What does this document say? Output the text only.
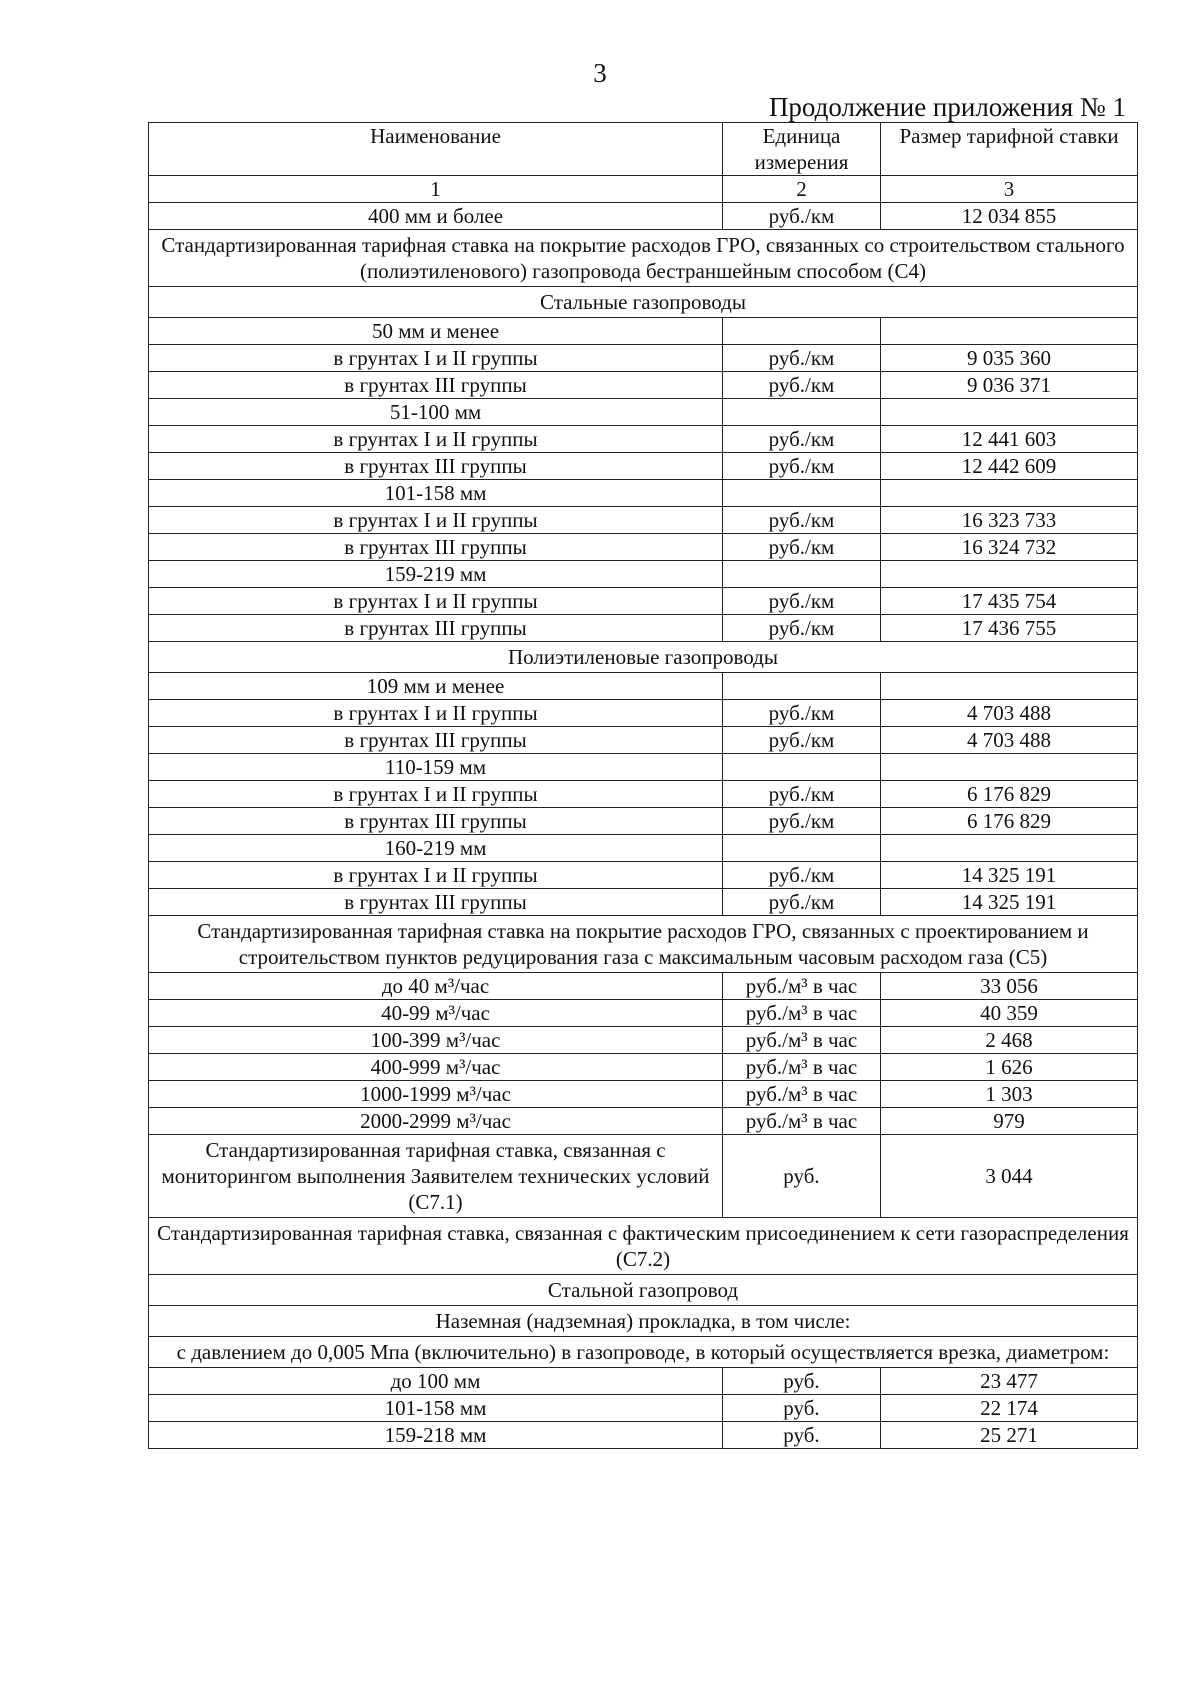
3
Продолжение приложения № 1
Наименование	Единица измерения	Размер тарифной ставки
1	2	3
400 мм и более	руб./км	12 034 855
Стандартизированная тарифная ставка на покрытие расходов ГРО, связанных со строительством стального (полиэтиленового) газопровода бестраншейным способом (С4)		
Стальные газопроводы		
50 мм и менее		
в грунтах I и II группы	руб./км	9 035 360
в грунтах III группы	руб./км	9 036 371
51-100 мм		
в грунтах I и II группы	руб./км	12 441 603
в грунтах III группы	руб./км	12 442 609
101-158 мм		
в грунтах I и II группы	руб./км	16 323 733
в грунтах III группы	руб./км	16 324 732
159-219 мм		
в грунтах I и II группы	руб./км	17 435 754
в грунтах III группы	руб./км	17 436 755
Полиэтиленовые газопроводы		
109 мм и менее		
в грунтах I и II группы	руб./км	4 703 488
в грунтах III группы	руб./км	4 703 488
110-159 мм		
в грунтах I и II группы	руб./км	6 176 829
в грунтах III группы	руб./км	6 176 829
160-219 мм		
в грунтах I и II группы	руб./км	14 325 191
в грунтах III группы	руб./км	14 325 191
Стандартизированная тарифная ставка на покрытие расходов ГРО, связанных с проектированием и строительством пунктов редуцирования газа с максимальным часовым расходом газа (С5)		
до 40 м³/час	руб./м³ в час	33 056
40-99 м³/час	руб./м³ в час	40 359
100-399 м³/час	руб./м³ в час	2 468
400-999 м³/час	руб./м³ в час	1 626
1000-1999 м³/час	руб./м³ в час	1 303
2000-2999 м³/час	руб./м³ в час	979
Стандартизированная тарифная ставка, связанная с мониторингом выполнения Заявителем технических условий (С7.1)	руб.	3 044
Стандартизированная тарифная ставка, связанная с фактическим присоединением к сети газораспределения (С7.2)		
Стальной газопровод		
Наземная (надземная) прокладка, в том числе:		
с давлением до 0,005 Мпа (включительно) в газопроводе, в который осуществляется врезка, диаметром:		
до 100 мм	руб.	23 477
101-158 мм	руб.	22 174
159-218 мм	руб.	25 271
